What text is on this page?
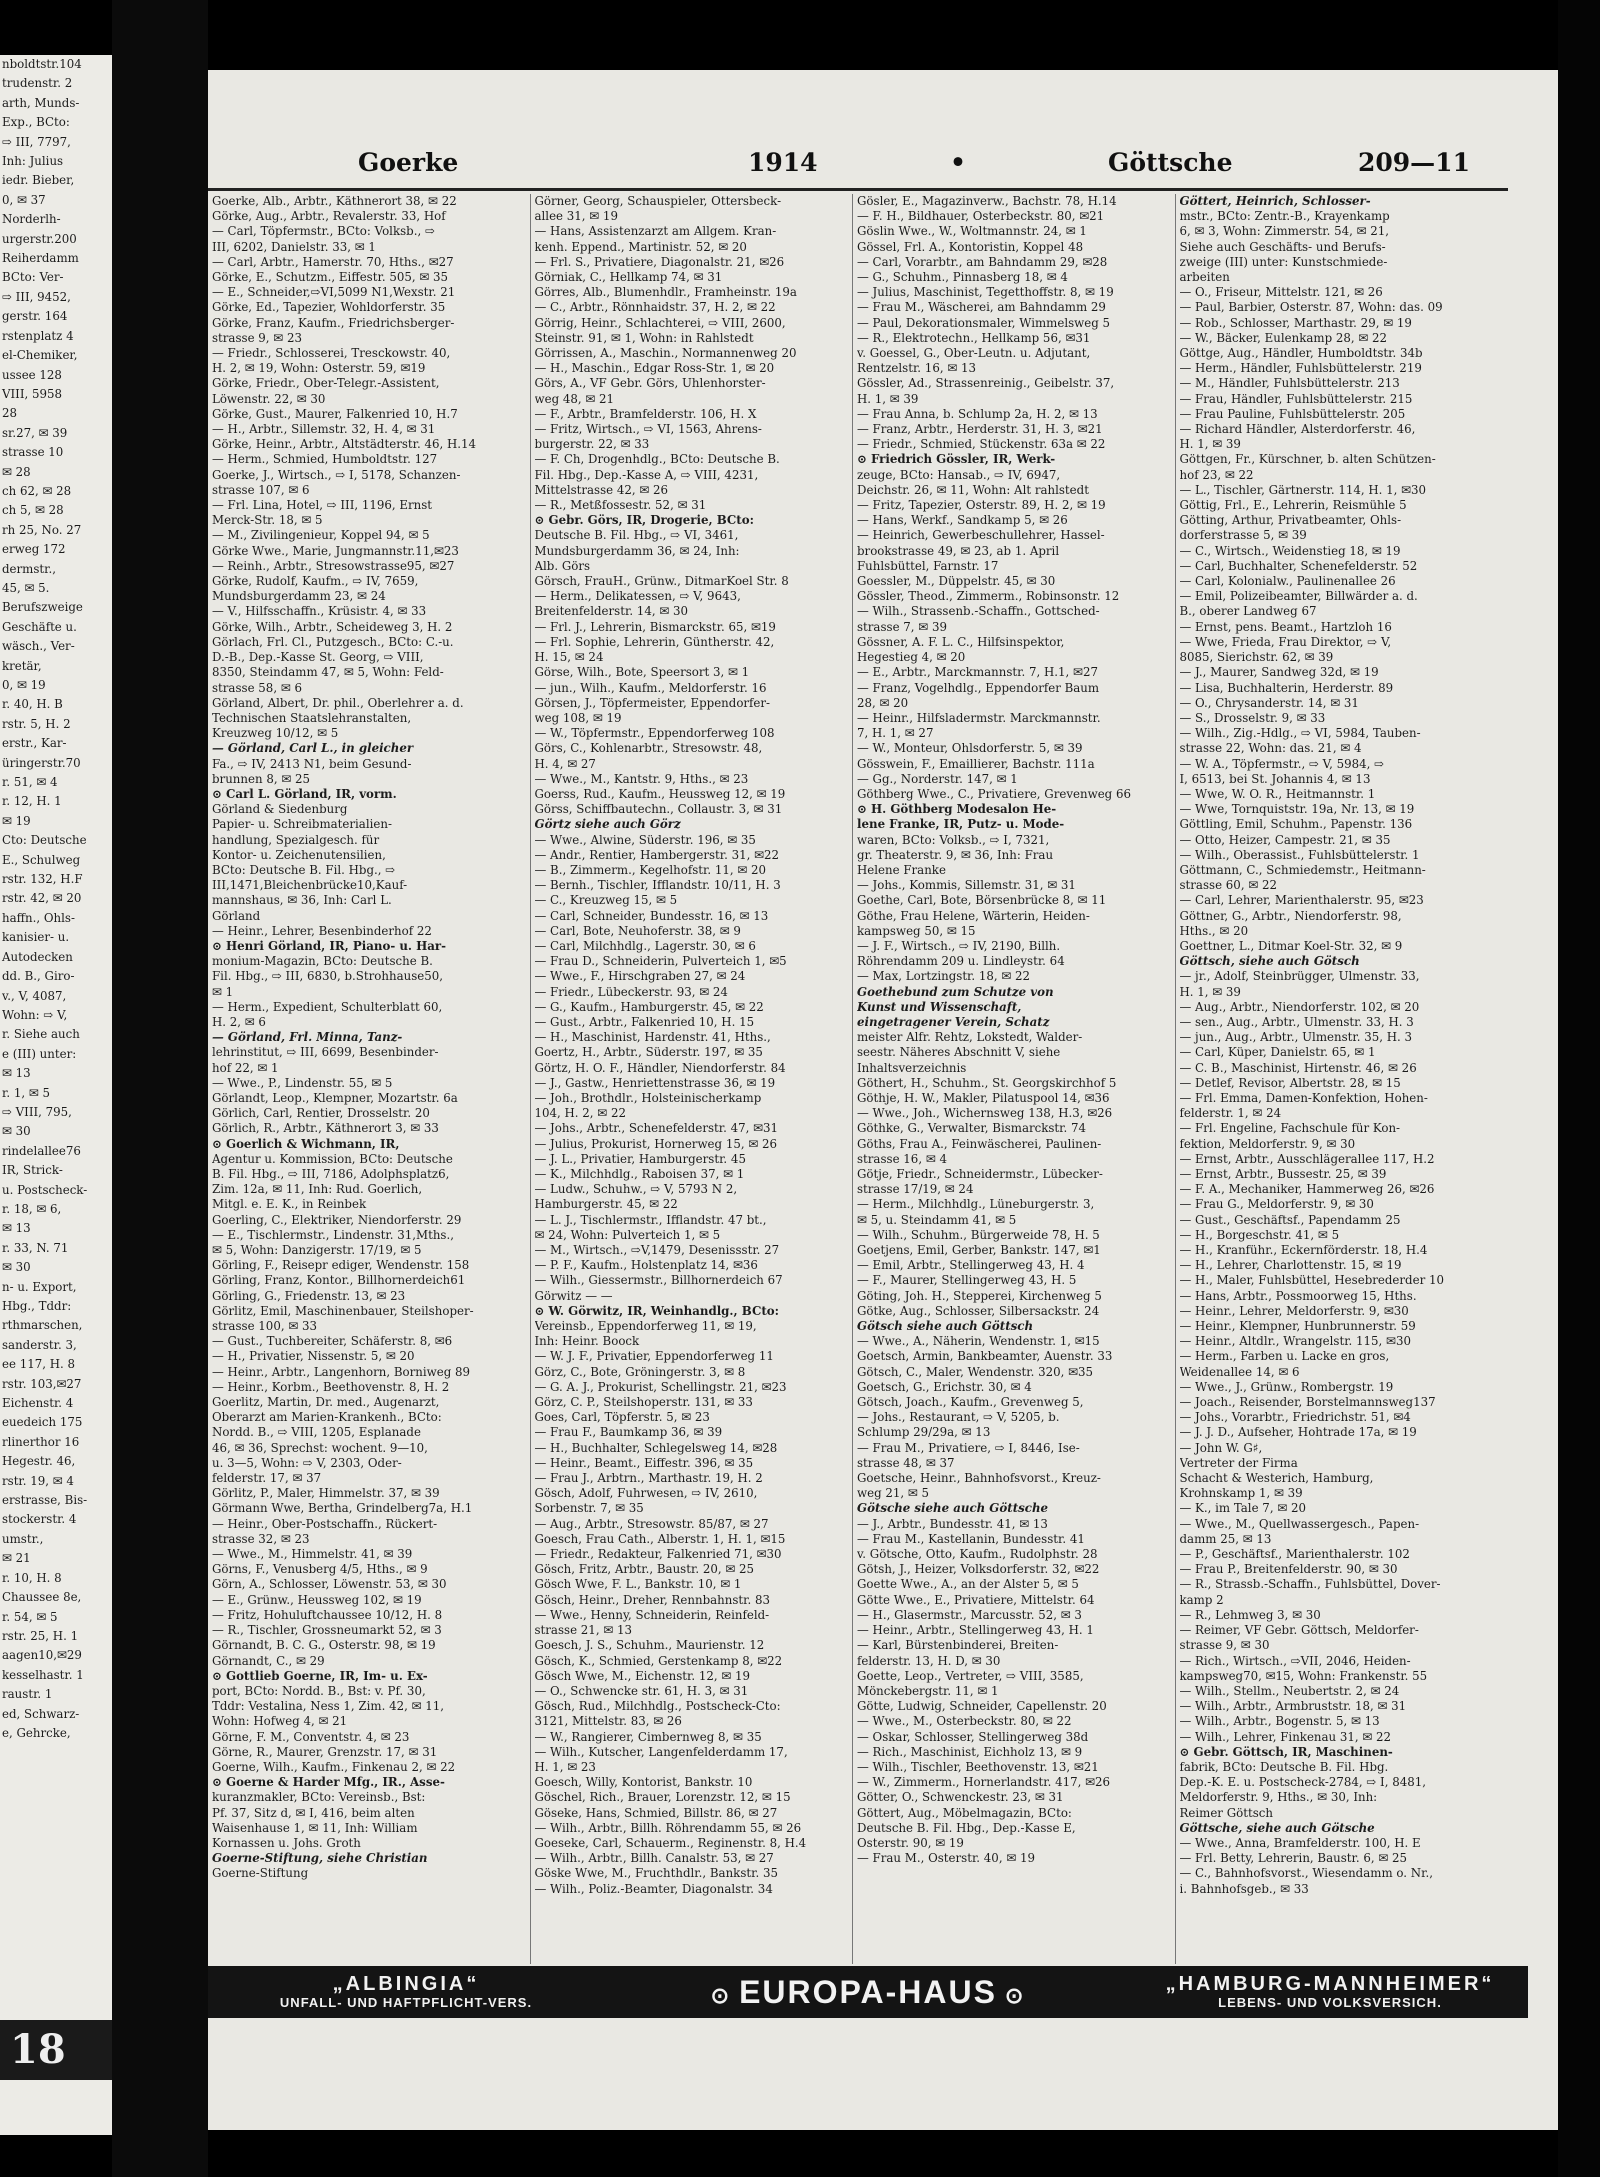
nboldtstr.104
trudenstr. 2
arth, Munds-
Exp., BCto:
⇨ III, 7797,
Inh: Julius
iedr. Bieber,
0, ✉ 37
Norderlh-
urgerstr.200
Reiherdamm
BCto: Ver-
⇨ III, 9452,
gerstr. 164
rstenplatz 4
el-Chemiker,
ussee 128
VIII, 5958
28
sr.27, ✉ 39
strasse 10
✉ 28
ch 62, ✉ 28
ch 5, ✉ 28
rh 25, No. 27
erweg 172
dermstr.,
45, ✉ 5.
Berufszweige
Geschäfte u.
wäsch., Ver-
kretär,
0, ✉ 19
r. 40, H. B
rstr. 5, H. 2
erstr., Kar-
üringerstr.70
r. 51, ✉ 4
r. 12, H. 1
✉ 19
Cto: Deutsche
E., Schulweg
rstr. 132, H.F
rstr. 42, ✉ 20
haffn., Ohls-
kanisier- u.
Autodecken
dd. B., Giro-
v., V, 4087,
Wohn: ⇨ V,
r. Siehe auch
e (III) unter:
✉ 13
r. 1, ✉ 5
⇨ VIII, 795,
✉ 30
rindelallee76
IR, Strick-
u. Postscheck-
r. 18, ✉ 6,
✉ 13
r. 33, N. 71
✉ 30
n- u. Export,
Hbg., Tddr:
rthmarschen,
sanderstr. 3,
ee 117, H. 8
rstr. 103,✉27
Eichenstr. 4
euedeich 175
rlinerthor 16
Hegestr. 46,
rstr. 19, ✉ 4
erstrasse, Bis-
stockerstr. 4
umstr.,
✉ 21
r. 10, H. 8
Chaussee 8e,
r. 54, ✉ 5
rstr. 25, H. 1
aagen10,✉29
kesselhastr. 1
raustr. 1
ed, Schwarz-
e, Gehrcke,
18
Goerke	1914	•	Göttsche	209—11
Goerke, Alb., Arbtr., Käthnerort 38, ✉ 22
Görke, Aug., Arbtr., Revalerstr. 33, Hof
— Carl, Töpfermstr., BCto: Volksb., ⇨
III, 6202, Danielstr. 33, ✉ 1
— Carl, Arbtr., Hamerstr. 70, Hths., ✉27
Görke, E., Schutzm., Eiffestr. 505, ✉ 35
— E., Schneider,⇨VI,5099 N1,Wexstr. 21
Görke, Ed., Tapezier, Wohldorferstr. 35
Görke, Franz, Kaufm., Friedrichsberger-
strasse 9, ✉ 23
— Friedr., Schlosserei, Tresckowstr. 40,
H. 2, ✉ 19, Wohn: Osterstr. 59, ✉19
Görke, Friedr., Ober-Telegr.-Assistent,
Löwenstr. 22, ✉ 30
Görke, Gust., Maurer, Falkenried 10, H.7
— H., Arbtr., Sillemstr. 32, H. 4, ✉ 31
Görke, Heinr., Arbtr., Altstädterstr. 46, H.14
— Herm., Schmied, Humboldtstr. 127
Goerke, J., Wirtsch., ⇨ I, 5178, Schanzen-
strasse 107, ✉ 6
— Frl. Lina, Hotel, ⇨ III, 1196, Ernst
Merck-Str. 18, ✉ 5
— M., Zivilingenieur, Koppel 94, ✉ 5
Görke Wwe., Marie, Jungmannstr.11,✉23
— Reinh., Arbtr., Stresowstrasse95, ✉27
Görke, Rudolf, Kaufm., ⇨ IV, 7659,
Mundsburgerdamm 23, ✉ 24
— V., Hilfsschaffn., Krüsistr. 4, ✉ 33
Görke, Wilh., Arbtr., Scheideweg 3, H. 2
Görlach, Frl. Cl., Putzgesch., BCto: C.-u.
D.-B., Dep.-Kasse St. Georg, ⇨ VIII,
8350, Steindamm 47, ✉ 5, Wohn: Feld-
strasse 58, ✉ 6
Görland, Albert, Dr. phil., Oberlehrer a. d.
Technischen Staatslehranstalten,
Kreuzweg 10/12, ✉ 5
— Görland, Carl L., in gleicher
Fa., ⇨ IV, 2413 N1, beim Gesund-
brunnen 8, ✉ 25
⊙ Carl L. Görland, IR, vorm.
Görland & Siedenburg
Papier- u. Schreibmaterialien-
handlung, Spezialgesch. für
Kontor- u. Zeichenutensilien,
BCto: Deutsche B. Fil. Hbg., ⇨
III,1471,Bleichenbrücke10,Kauf-
mannshaus, ✉ 36, Inh: Carl L.
Görland
— Heinr., Lehrer, Besenbinderhof 22
⊙ Henri Görland, IR, Piano- u. Har-
monium-Magazin, BCto: Deutsche B.
Fil. Hbg., ⇨ III, 6830, b.Strohhause50,
✉ 1
— Herm., Expedient, Schulterblatt 60,
H. 2, ✉ 6
— Görland, Frl. Minna, Tanz-
lehrinstitut, ⇨ III, 6699, Besenbinder-
hof 22, ✉ 1
— Wwe., P., Lindenstr. 55, ✉ 5
Görlandt, Leop., Klempner, Mozartstr. 6a
Görlich, Carl, Rentier, Drosselstr. 20
Görlich, R., Arbtr., Käthnerort 3, ✉ 33
⊙ Goerlich & Wichmann, IR,
Agentur u. Kommission, BCto: Deutsche
B. Fil. Hbg., ⇨ III, 7186, Adolphsplatz6,
Zim. 12a, ✉ 11, Inh: Rud. Goerlich,
Mitgl. e. E. K., in Reinbek
Goerling, C., Elektriker, Niendorferstr. 29
— E., Tischlermstr., Lindenstr. 31,Mths.,
✉ 5, Wohn: Danzigerstr. 17/19, ✉ 5
Görling, F., Reisepr ediger, Wendenstr. 158
Görling, Franz, Kontor., Billhornerdeich61
Görling, G., Friedenstr. 13, ✉ 23
Görlitz, Emil, Maschinenbauer, Steilshoper-
strasse 100, ✉ 33
— Gust., Tuchbereiter, Schäferstr. 8, ✉6
— H., Privatier, Nissenstr. 5, ✉ 20
— Heinr., Arbtr., Langenhorn, Borniweg 89
— Heinr., Korbm., Beethovenstr. 8, H. 2
Goerlitz, Martin, Dr. med., Augenarzt,
Oberarzt am Marien-Krankenh., BCto:
Nordd. B., ⇨ VIII, 1205, Esplanade
46, ✉ 36, Sprechst: wochent. 9—10,
u. 3—5, Wohn: ⇨ V, 2303, Oder-
felderstr. 17, ✉ 37
Görlitz, P., Maler, Himmelstr. 37, ✉ 39
Görmann Wwe, Bertha, Grindelberg7a, H.1
— Heinr., Ober-Postschaffn., Rückert-
strasse 32, ✉ 23
— Wwe., M., Himmelstr. 41, ✉ 39
Görns, F., Venusberg 4/5, Hths., ✉ 9
Görn, A., Schlosser, Löwenstr. 53, ✉ 30
— E., Grünw., Heussweg 102, ✉ 19
— Fritz, Hohuluftchaussee 10/12, H. 8
— R., Tischler, Grossneumarkt 52, ✉ 3
Görnandt, B. C. G., Osterstr. 98, ✉ 19
Görnandt, C., ✉ 29
⊙ Gottlieb Goerne, IR, Im- u. Ex-
port, BCto: Nordd. B., Bst: v. Pf. 30,
Tddr: Vestalina, Ness 1, Zim. 42, ✉ 11,
Wohn: Hofweg 4, ✉ 21
Görne, F. M., Conventstr. 4, ✉ 23
Görne, R., Maurer, Grenzstr. 17, ✉ 31
Goerne, Wilh., Kaufm., Finkenau 2, ✉ 22
⊙ Goerne & Harder Mfg., IR., Asse-
kuranzmakler, BCto: Vereinsb., Bst:
Pf. 37, Sitz d, ✉ I, 416, beim alten
Waisenhause 1, ✉ 11, Inh: William
Kornassen u. Johs. Groth
Goerne-Stiftung, siehe Christian
Goerne-Stiftung
Görner, Georg, Schauspieler, Ottersbeck-
allee 31, ✉ 19
— Hans, Assistenzarzt am Allgem. Kran-
kenh. Eppend., Martinistr. 52, ✉ 20
— Frl. S., Privatiere, Diagonalstr. 21, ✉26
Görniak, C., Hellkamp 74, ✉ 31
Görres, Alb., Blumenhdlr., Framheinstr. 19a
— C., Arbtr., Rönnhaidstr. 37, H. 2, ✉ 22
Görrig, Heinr., Schlachterei, ⇨ VIII, 2600,
Steinstr. 91, ✉ 1, Wohn: in Rahlstedt
Görrissen, A., Maschin., Normannenweg 20
— H., Maschin., Edgar Ross-Str. 1, ✉ 20
Görs, A., VF Gebr. Görs, Uhlenhorster-
weg 48, ✉ 21
— F., Arbtr., Bramfelderstr. 106, H. X
— Fritz, Wirtsch., ⇨ VI, 1563, Ahrens-
burgerstr. 22, ✉ 33
— F. Ch, Drogenhdlg., BCto: Deutsche B.
Fil. Hbg., Dep.-Kasse A, ⇨ VIII, 4231,
Mittelstrasse 42, ✉ 26
— R., Metßfossestr. 52, ✉ 31
⊙ Gebr. Görs, IR, Drogerie, BCto:
Deutsche B. Fil. Hbg., ⇨ VI, 3461,
Mundsburgerdamm 36, ✉ 24, Inh:
Alb. Görs
Görsch, FrauH., Grünw., DitmarKoel Str. 8
— Herm., Delikatessen, ⇨ V, 9643,
Breitenfelderstr. 14, ✉ 30
— Frl. J., Lehrerin, Bismarckstr. 65, ✉19
— Frl. Sophie, Lehrerin, Güntherstr. 42,
H. 15, ✉ 24
Görse, Wilh., Bote, Speersort 3, ✉ 1
— jun., Wilh., Kaufm., Meldorferstr. 16
Görsen, J., Töpfermeister, Eppendorfer-
weg 108, ✉ 19
— W., Töpfermstr., Eppendorferweg 108
Görs, C., Kohlenarbtr., Stresowstr. 48,
H. 4, ✉ 27
— Wwe., M., Kantstr. 9, Hths., ✉ 23
Goerss, Rud., Kaufm., Heussweg 12, ✉ 19
Görss, Schiffbautechn., Collaustr. 3, ✉ 31
Görtz siehe auch Görz
— Wwe., Alwine, Süderstr. 196, ✉ 35
— Andr., Rentier, Hambergerstr. 31, ✉22
— B., Zimmerm., Kegelhofstr. 11, ✉ 20
— Bernh., Tischler, Ifflandstr. 10/11, H. 3
— C., Kreuzweg 15, ✉ 5
— Carl, Schneider, Bundesstr. 16, ✉ 13
— Carl, Bote, Neuhoferstr. 38, ✉ 9
— Carl, Milchhdlg., Lagerstr. 30, ✉ 6
— Frau D., Schneiderin, Pulverteich 1, ✉5
— Wwe., F., Hirschgraben 27, ✉ 24
— Friedr., Lübeckerstr. 93, ✉ 24
— G., Kaufm., Hamburgerstr. 45, ✉ 22
— Gust., Arbtr., Falkenried 10, H. 15
— H., Maschinist, Hardenstr. 41, Hths.,
Goertz, H., Arbtr., Süderstr. 197, ✉ 35
Görtz, H. O. F., Händler, Niendorferstr. 84
— J., Gastw., Henriettenstrasse 36, ✉ 19
— Joh., Brothdlr., Holsteinischerkamp
104, H. 2, ✉ 22
— Johs., Arbtr., Schenefelderstr. 47, ✉31
— Julius, Prokurist, Hornerweg 15, ✉ 26
— J. L., Privatier, Hamburgerstr. 45
— K., Milchhdlg., Raboisen 37, ✉ 1
— Ludw., Schuhw., ⇨ V, 5793 N 2,
Hamburgerstr. 45, ✉ 22
— L. J., Tischlermstr., Ifflandstr. 47 bt.,
✉ 24, Wohn: Pulverteich 1, ✉ 5
— M., Wirtsch., ⇨V,1479, Desenissstr. 27
— P. F., Kaufm., Holstenplatz 14, ✉36
— Wilh., Giessermstr., Billhornerdeich 67
Görwitz — —
⊙ W. Görwitz, IR, Weinhandlg., BCto:
Vereinsb., Eppendorferweg 11, ✉ 19,
Inh: Heinr. Boock
— W. J. F., Privatier, Eppendorferweg 11
Görz, C., Bote, Gröningerstr. 3, ✉ 8
— G. A. J., Prokurist, Schellingstr. 21, ✉23
Görz, C. P., Steilshoperstr. 131, ✉ 33
Goes, Carl, Töpferstr. 5, ✉ 23
— Frau F., Baumkamp 36, ✉ 39
— H., Buchhalter, Schlegelsweg 14, ✉28
— Heinr., Beamt., Eiffestr. 396, ✉ 35
— Frau J., Arbtrn., Marthastr. 19, H. 2
Gösch, Adolf, Fuhrwesen, ⇨ IV, 2610,
Sorbenstr. 7, ✉ 35
— Aug., Arbtr., Stresowstr. 85/87, ✉ 27
Goesch, Frau Cath., Alberstr. 1, H. 1, ✉15
— Friedr., Redakteur, Falkenried 71, ✉30
Gösch, Fritz, Arbtr., Baustr. 20, ✉ 25
Gösch Wwe, F. L., Bankstr. 10, ✉ 1
Gösch, Heinr., Dreher, Rennbahnstr. 83
— Wwe., Henny, Schneiderin, Reinfeld-
strasse 21, ✉ 13
Goesch, J. S., Schuhm., Maurienstr. 12
Gösch, K., Schmied, Gerstenkamp 8, ✉22
Gösch Wwe, M., Eichenstr. 12, ✉ 19
— O., Schwencke str. 61, H. 3, ✉ 31
Gösch, Rud., Milchhdlg., Postscheck-Cto:
3121, Mittelstr. 83, ✉ 26
— W., Rangierer, Cimbernweg 8, ✉ 35
— Wilh., Kutscher, Langenfelderdamm 17,
H. 1, ✉ 23
Goesch, Willy, Kontorist, Bankstr. 10
Göschel, Rich., Brauer, Lorenzstr. 12, ✉ 15
Göseke, Hans, Schmied, Billstr. 86, ✉ 27
— Wilh., Arbtr., Billh. Röhrendamm 55, ✉ 26
Goeseke, Carl, Schauerm., Reginenstr. 8, H.4
— Wilh., Arbtr., Billh. Canalstr. 53, ✉ 27
Göske Wwe, M., Fruchthdlr., Bankstr. 35
— Wilh., Poliz.-Beamter, Diagonalstr. 34
Gösler, E., Magazinverw., Bachstr. 78, H.14
— F. H., Bildhauer, Osterbeckstr. 80, ✉21
Göslin Wwe., W., Woltmannstr. 24, ✉ 1
Gössel, Frl. A., Kontoristin, Koppel 48
— Carl, Vorarbtr., am Bahndamm 29, ✉28
— G., Schuhm., Pinnasberg 18, ✉ 4
— Julius, Maschinist, Tegetthoffstr. 8, ✉ 19
— Frau M., Wäscherei, am Bahndamm 29
— Paul, Dekorationsmaler, Wimmelsweg 5
— R., Elektrotechn., Hellkamp 56, ✉31
v. Goessel, G., Ober-Leutn. u. Adjutant,
Rentzelstr. 16, ✉ 13
Gössler, Ad., Strassenreinig., Geibelstr. 37,
H. 1, ✉ 39
— Frau Anna, b. Schlump 2a, H. 2, ✉ 13
— Franz, Arbtr., Herderstr. 31, H. 3, ✉21
— Friedr., Schmied, Stückenstr. 63a ✉ 22
⊙ Friedrich Gössler, IR, Werk-
zeuge, BCto: Hansab., ⇨ IV, 6947,
Deichstr. 26, ✉ 11, Wohn: Alt rahlstedt
— Fritz, Tapezier, Osterstr. 89, H. 2, ✉ 19
— Hans, Werkf., Sandkamp 5, ✉ 26
— Heinrich, Gewerbeschullehrer, Hassel-
brookstrasse 49, ✉ 23, ab 1. April
Fuhlsbüttel, Farnstr. 17
Goessler, M., Düppelstr. 45, ✉ 30
Gössler, Theod., Zimmerm., Robinsonstr. 12
— Wilh., Strassenb.-Schaffn., Gottsched-
strasse 7, ✉ 39
Gössner, A. F. L. C., Hilfsinspektor,
Hegestieg 4, ✉ 20
— E., Arbtr., Marckmannstr. 7, H.1, ✉27
— Franz, Vogelhdlg., Eppendorfer Baum
28, ✉ 20
— Heinr., Hilfsladermstr. Marckmannstr.
7, H. 1, ✉ 27
— W., Monteur, Ohlsdorferstr. 5, ✉ 39
Gösswein, F., Emaillierer, Bachstr. 111a
— Gg., Norderstr. 147, ✉ 1
Göthberg Wwe., C., Privatiere, Grevenweg 66
⊙ H. Göthberg Modesalon He-
lene Franke, IR, Putz- u. Mode-
waren, BCto: Volksb., ⇨ I, 7321,
gr. Theaterstr. 9, ✉ 36, Inh: Frau
Helene Franke
— Johs., Kommis, Sillemstr. 31, ✉ 31
Goethe, Carl, Bote, Börsenbrücke 8, ✉ 11
Göthe, Frau Helene, Wärterin, Heiden-
kampsweg 50, ✉ 15
— J. F., Wirtsch., ⇨ IV, 2190, Billh.
Röhrendamm 209 u. Lindleystr. 64
— Max, Lortzingstr. 18, ✉ 22
Goethebund zum Schutze von
Kunst und Wissenschaft,
eingetragener Verein, Schatz
meister Alfr. Rehtz, Lokstedt, Walder-
seestr. Näheres Abschnitt V, siehe
Inhaltsverzeichnis
Göthert, H., Schuhm., St. Georgskirchhof 5
Göthje, H. W., Makler, Pilatuspool 14, ✉36
— Wwe., Joh., Wichernsweg 138, H.3, ✉26
Göthke, G., Verwalter, Bismarckstr. 74
Göths, Frau A., Feinwäscherei, Paulinen-
strasse 16, ✉ 4
Götje, Friedr., Schneidermstr., Lübecker-
strasse 17/19, ✉ 24
— Herm., Milchhdlg., Lüneburgerstr. 3,
✉ 5, u. Steindamm 41, ✉ 5
— Wilh., Schuhm., Bürgerweide 78, H. 5
Goetjens, Emil, Gerber, Bankstr. 147, ✉1
— Emil, Arbtr., Stellingerweg 43, H. 4
— F., Maurer, Stellingerweg 43, H. 5
Göting, Joh. H., Stepperei, Kirchenweg 5
Götke, Aug., Schlosser, Silbersackstr. 24
Götsch siehe auch Göttsch
— Wwe., A., Näherin, Wendenstr. 1, ✉15
Goetsch, Armin, Bankbeamter, Auenstr. 33
Götsch, C., Maler, Wendenstr. 320, ✉35
Goetsch, G., Erichstr. 30, ✉ 4
Götsch, Joach., Kaufm., Grevenweg 5,
— Johs., Restaurant, ⇨ V, 5205, b.
Schlump 29/29a, ✉ 13
— Frau M., Privatiere, ⇨ I, 8446, Ise-
strasse 48, ✉ 37
Goetsche, Heinr., Bahnhofsvorst., Kreuz-
weg 21, ✉ 5
Götsche siehe auch Göttsche
— J., Arbtr., Bundesstr. 41, ✉ 13
— Frau M., Kastellanin, Bundesstr. 41
v. Götsche, Otto, Kaufm., Rudolphstr. 28
Götsh, J., Heizer, Volksdorferstr. 32, ✉22
Goette Wwe., A., an der Alster 5, ✉ 5
Götte Wwe., E., Privatiere, Mittelstr. 64
— H., Glasermstr., Marcusstr. 52, ✉ 3
— Heinr., Arbtr., Stellingerweg 43, H. 1
— Karl, Bürstenbinderei, Breiten-
felderstr. 13, H. D, ✉ 30
Goette, Leop., Vertreter, ⇨ VIII, 3585,
Mönckebergstr. 11, ✉ 1
Götte, Ludwig, Schneider, Capellenstr. 20
— Wwe., M., Osterbeckstr. 80, ✉ 22
— Oskar, Schlosser, Stellingerweg 38d
— Rich., Maschinist, Eichholz 13, ✉ 9
— Wilh., Tischler, Beethovenstr. 13, ✉21
— W., Zimmerm., Hornerlandstr. 417, ✉26
Götter, O., Schwenckestr. 23, ✉ 31
Göttert, Aug., Möbelmagazin, BCto:
Deutsche B. Fil. Hbg., Dep.-Kasse E,
Osterstr. 90, ✉ 19
— Frau M., Osterstr. 40, ✉ 19
Göttert, Heinrich, Schlosser-
mstr., BCto: Zentr.-B., Krayenkamp
6, ✉ 3, Wohn: Zimmerstr. 54, ✉ 21,
Siehe auch Geschäfts- und Berufs-
zweige (III) unter: Kunstschmiede-
arbeiten
— O., Friseur, Mittelstr. 121, ✉ 26
— Paul, Barbier, Osterstr. 87, Wohn: das. 09
— Rob., Schlosser, Marthastr. 29, ✉ 19
— W., Bäcker, Eulenkamp 28, ✉ 22
Göttge, Aug., Händler, Humboldtstr. 34b
— Herm., Händler, Fuhlsbüttelerstr. 219
— M., Händler, Fuhlsbüttelerstr. 213
— Frau, Händler, Fuhlsbüttelerstr. 215
— Frau Pauline, Fuhlsbüttelerstr. 205
— Richard Händler, Alsterdorferstr. 46,
H. 1, ✉ 39
Göttgen, Fr., Kürschner, b. alten Schützen-
hof 23, ✉ 22
— L., Tischler, Gärtnerstr. 114, H. 1, ✉30
Göttig, Frl., E., Lehrerin, Reismühle 5
Götting, Arthur, Privatbeamter, Ohls-
dorferstrasse 5, ✉ 39
— C., Wirtsch., Weidenstieg 18, ✉ 19
— Carl, Buchhalter, Schenefelderstr. 52
— Carl, Kolonialw., Paulinenallee 26
— Emil, Polizeibeamter, Billwärder a. d.
B., oberer Landweg 67
— Ernst, pens. Beamt., Hartzloh 16
— Wwe, Frieda, Frau Direktor, ⇨ V,
8085, Sierichstr. 62, ✉ 39
— J., Maurer, Sandweg 32d, ✉ 19
— Lisa, Buchhalterin, Herderstr. 89
— O., Chrysanderstr. 14, ✉ 31
— S., Drosselstr. 9, ✉ 33
— Wilh., Zig.-Hdlg., ⇨ VI, 5984, Tauben-
strasse 22, Wohn: das. 21, ✉ 4
— W. A., Töpfermstr., ⇨ V, 5984, ⇨
I, 6513, bei St. Johannis 4, ✉ 13
— Wwe, W. O. R., Heitmannstr. 1
— Wwe, Tornquiststr. 19a, Nr. 13, ✉ 19
Göttling, Emil, Schuhm., Papenstr. 136
— Otto, Heizer, Campestr. 21, ✉ 35
— Wilh., Oberassist., Fuhlsbüttelerstr. 1
Göttmann, C., Schmiedemstr., Heitmann-
strasse 60, ✉ 22
— Carl, Lehrer, Marienthalerstr. 95, ✉23
Göttner, G., Arbtr., Niendorferstr. 98,
Hths., ✉ 20
Goettner, L., Ditmar Koel-Str. 32, ✉ 9
Göttsch, siehe auch Götsch
— jr., Adolf, Steinbrügger, Ulmenstr. 33,
H. 1, ✉ 39
— Aug., Arbtr., Niendorferstr. 102, ✉ 20
— sen., Aug., Arbtr., Ulmenstr. 33, H. 3
— jun., Aug., Arbtr., Ulmenstr. 35, H. 3
— Carl, Küper, Danielstr. 65, ✉ 1
— C. B., Maschinist, Hirtenstr. 46, ✉ 26
— Detlef, Revisor, Albertstr. 28, ✉ 15
— Frl. Emma, Damen-Konfektion, Hohen-
felderstr. 1, ✉ 24
— Frl. Engeline, Fachschule für Kon-
fektion, Meldorferstr. 9, ✉ 30
— Ernst, Arbtr., Ausschlägerallee 117, H.2
— Ernst, Arbtr., Bussestr. 25, ✉ 39
— F. A., Mechaniker, Hammerweg 26, ✉26
— Frau G., Meldorferstr. 9, ✉ 30
— Gust., Geschäftsf., Papendamm 25
— H., Borgeschstr. 41, ✉ 5
— H., Kranführ., Eckernförderstr. 18, H.4
— H., Lehrer, Charlottenstr. 15, ✉ 19
— H., Maler, Fuhlsbüttel, Hesebrederder 10
— Hans, Arbtr., Possmoorweg 15, Hths.
— Heinr., Lehrer, Meldorferstr. 9, ✉30
— Heinr., Klempner, Hunbrunnerstr. 59
— Heinr., Altdlr., Wrangelstr. 115, ✉30
— Herm., Farben u. Lacke en gros,
Weidenallee 14, ✉ 6
— Wwe., J., Grünw., Rombergstr. 19
— Joach., Reisender, Borstelmannsweg137
— Johs., Vorarbtr., Friedrichstr. 51, ✉4
— J. J. D., Aufseher, Hohtrade 17a, ✉ 19
— John W. G♯,
Vertreter der Firma
Schacht & Westerich, Hamburg,
Krohnskamp 1, ✉ 39
— K., im Tale 7, ✉ 20
— Wwe., M., Quellwassergesch., Papen-
damm 25, ✉ 13
— P., Geschäftsf., Marienthalerstr. 102
— Frau P., Breitenfelderstr. 90, ✉ 30
— R., Strassb.-Schaffn., Fuhlsbüttel, Dover-
kamp 2
— R., Lehmweg 3, ✉ 30
— Reimer, VF Gebr. Göttsch, Meldorfer-
strasse 9, ✉ 30
— Rich., Wirtsch., ⇨VII, 2046, Heiden-
kampsweg70, ✉15, Wohn: Frankenstr. 55
— Wilh., Stellm., Neubertstr. 2, ✉ 24
— Wilh., Arbtr., Armbruststr. 18, ✉ 31
— Wilh., Arbtr., Bogenstr. 5, ✉ 13
— Wilh., Lehrer, Finkenau 31, ✉ 22
⊙ Gebr. Göttsch, IR, Maschinen-
fabrik, BCto: Deutsche B. Fil. Hbg.
Dep.-K. E. u. Postscheck-2784, ⇨ I, 8481,
Meldorferstr. 9, Hths., ✉ 30, Inh:
Reimer Göttsch
Göttsche, siehe auch Götsche
— Wwe., Anna, Bramfelderstr. 100, H. E
— Frl. Betty, Lehrerin, Baustr. 6, ✉ 25
— C., Bahnhofsvorst., Wiesendamm o. Nr.,
i. Bahnhofsgeb., ✉ 33
„ALBINGIA“
UNFALL- UND HAFTPFLICHT-VERS.	⊙ EUROPA-HAUS ⊙	„HAMBURG-MANNHEIMER“
LEBENS- UND VOLKSVERSICH.
